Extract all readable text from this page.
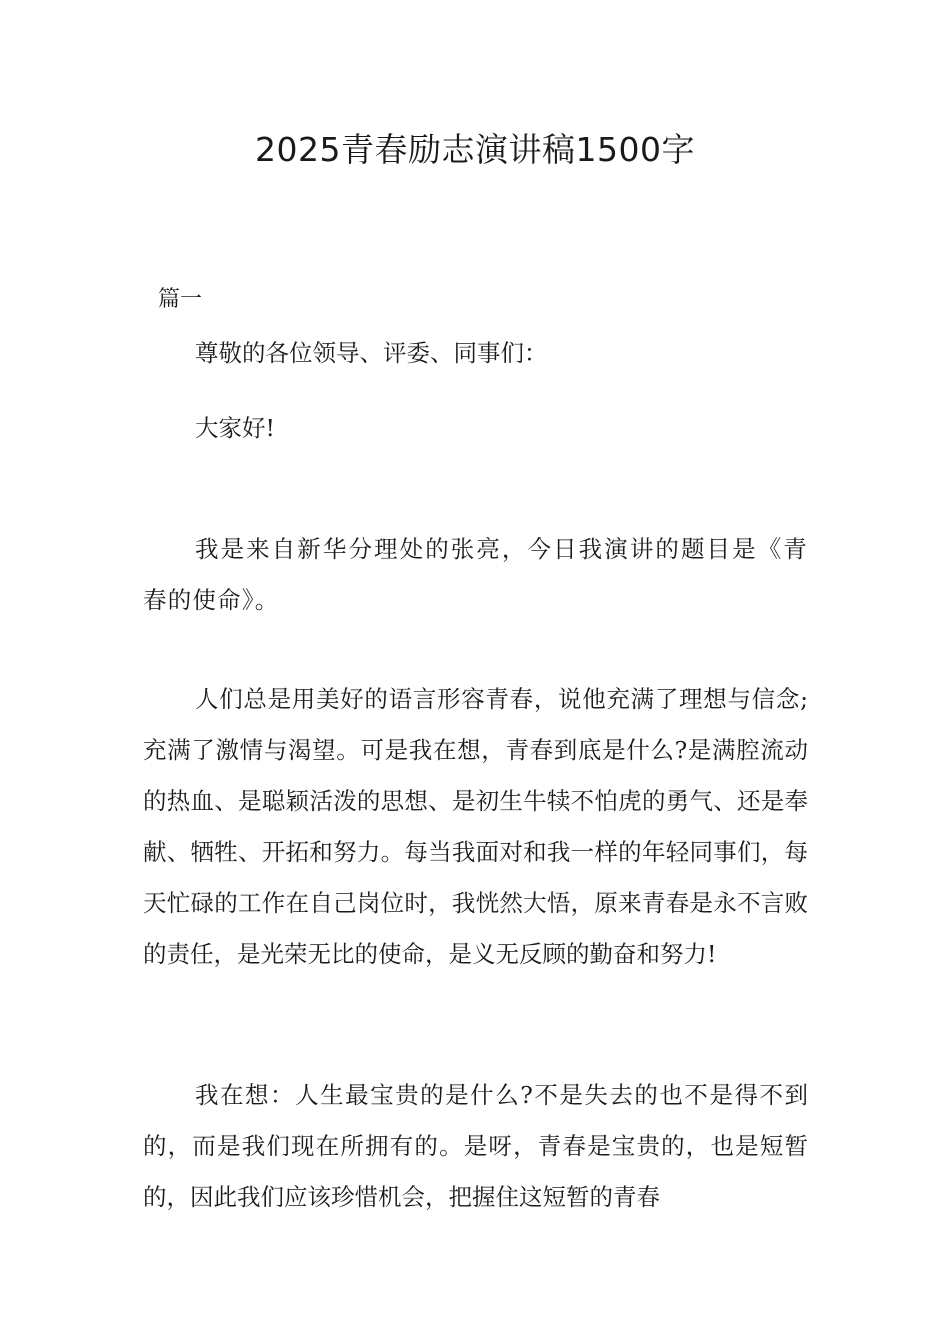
2025青春励志演讲稿1500字
篇一

尊敬的各位领导、评委、同事们：

大家好!

我是来自新华分理处的张亮，今日我演讲的题目是《青春的使命》。

人们总是用美好的语言形容青春，说他充满了理想与信念;充满了激情与渴望。可是我在想，青春到底是什么?是满腔流动的热血、是聪颖活泼的思想、是初生牛犊不怕虎的勇气、还是奉献、牺牲、开拓和努力。每当我面对和我一样的年轻同事们，每天忙碌的工作在自己岗位时，我恍然大悟，原来青春是永不言败的责任，是光荣无比的使命，是义无反顾的勤奋和努力!

我在想：人生最宝贵的是什么?不是失去的也不是得不到的，而是我们现在所拥有的。是呀，青春是宝贵的，也是短暂的，因此我们应该珍惜机会，把握住这短暂的青春
